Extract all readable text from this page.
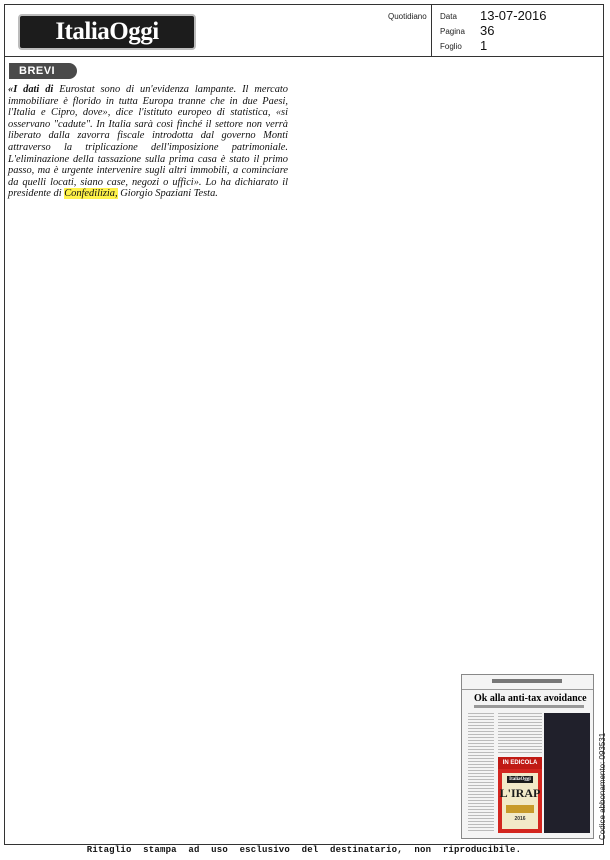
ItaliaOggi
Quotidiano Data 13-07-2016
Pagina 36
Foglio 1
BREVI
«I dati di Eurostat sono di un'evidenza lampante. Il mercato immobiliare è florido in tutta Europa tranne che in due Paesi, l'Italia e Cipro, dove», dice l'istituto europeo di statistica, «si osservano "cadute". In Italia sarà così finché il settore non verrà liberato dalla zavorra fiscale introdotta dal governo Monti attraverso la triplicazione dell'imposizione patrimoniale. L'eliminazione della tassazione sulla prima casa è stato il primo passo, ma è urgente intervenire sugli altri immobili, a cominciare da quelli locati, siano case, negozi o uffici». Lo ha dichiarato il presidente di Confedilizia, Giorgio Spaziani Testa.
Ok alla anti-tax avoidance
IN EDICOLA
ItaliaOggi
L'IRAP
2016	Codice abbonamento: 093531
Ritaglio stampa ad uso esclusivo del destinatario, non riproducibile.
